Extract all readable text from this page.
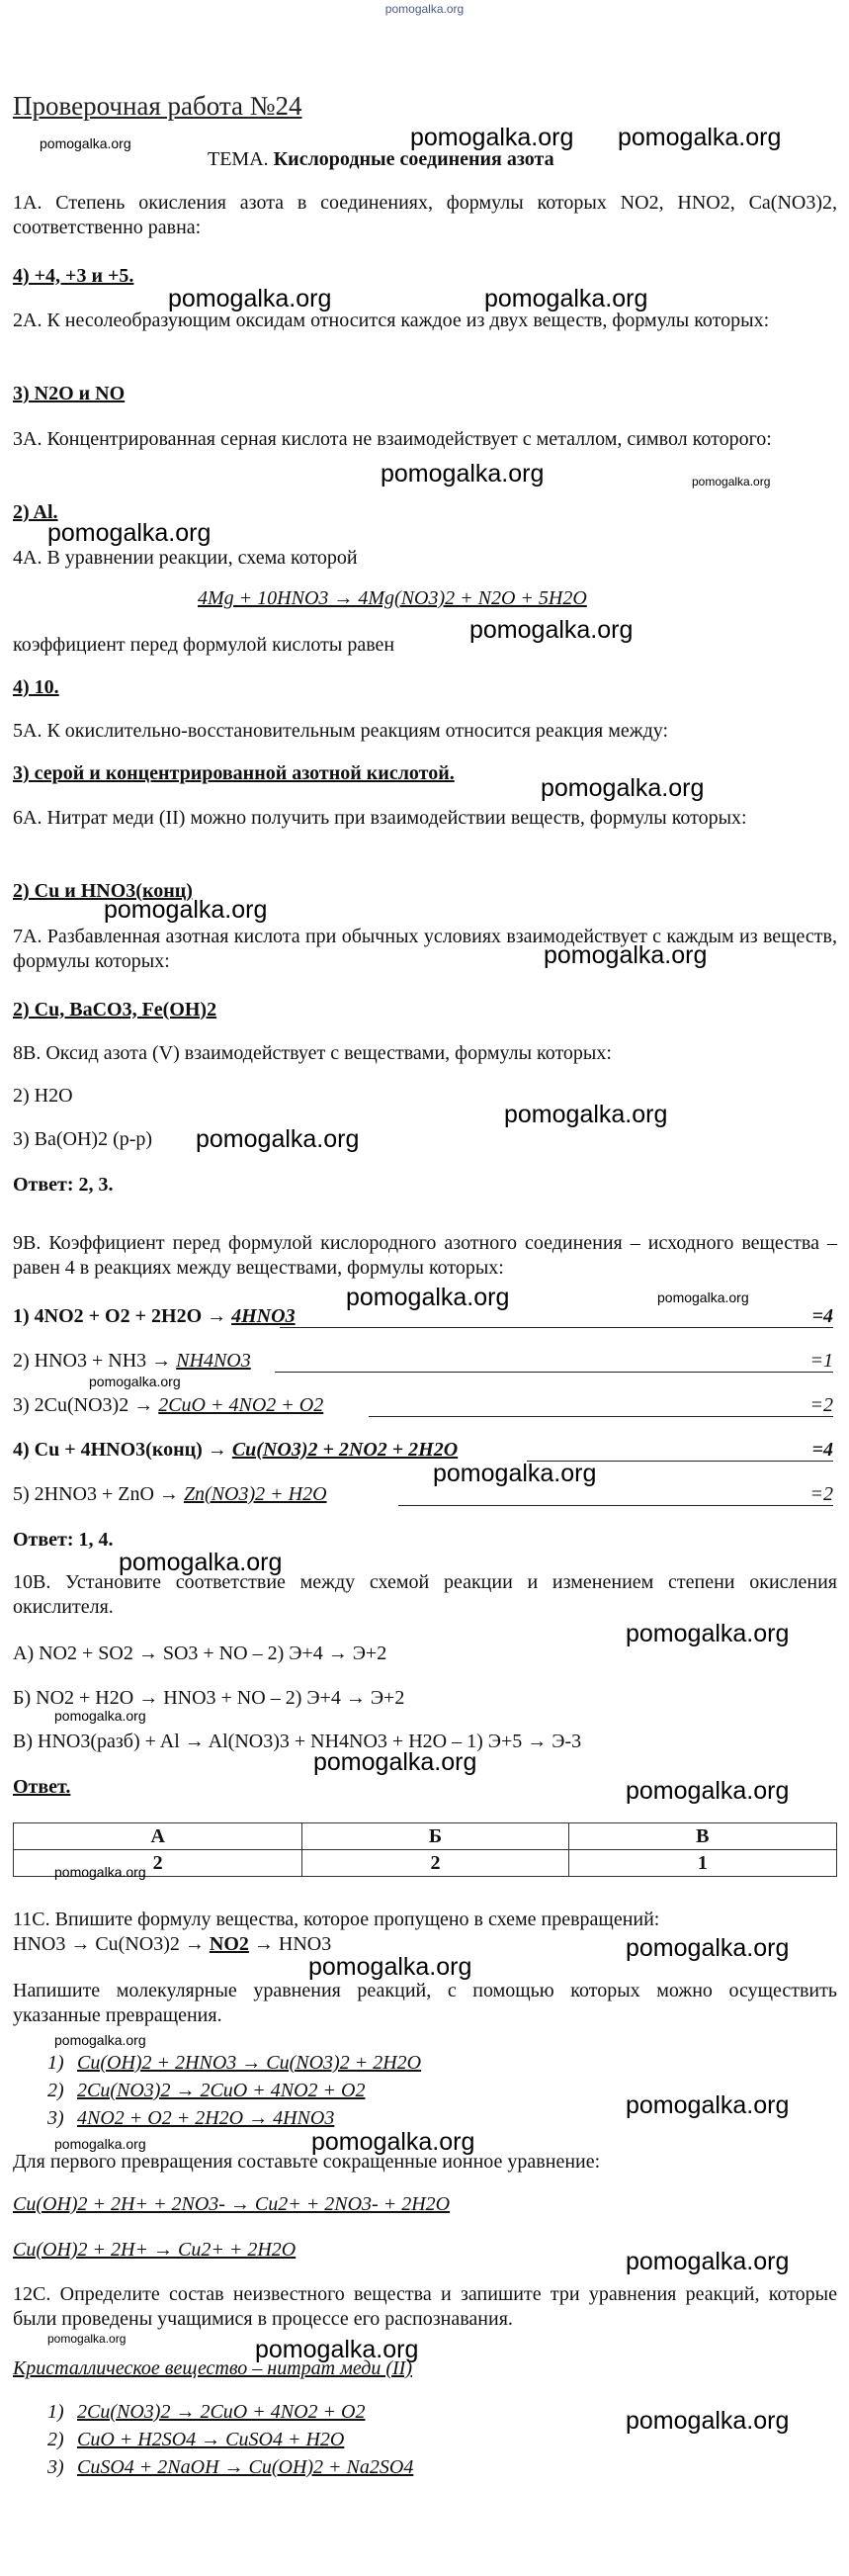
pomogalka.org
Проверочная работа №24
ТЕМА. Кислородные соединения азота
1А. Степень окисления азота в соединениях, формулы которых NO2, HNO2, Ca(NO3)2, соответственно равна:
4) +4, +3 и +5.
2А. К несолеобразующим оксидам относится каждое из двух веществ, формулы которых:
3) N2O и NO
3А. Концентрированная серная кислота не взаимодействует с металлом, символ которого:
2) Al.
4А. В уравнении реакции, схема которой
4Mg + 10HNO3 → 4Mg(NO3)2 + N2O + 5H2O
коэффициент перед формулой кислоты равен
4) 10.
5А. К окислительно-восстановительным реакциям относится реакция между:
3) серой и концентрированной азотной кислотой.
6А. Нитрат меди (II) можно получить при взаимодействии веществ, формулы которых:
2) Cu и HNO3(конц)
7А. Разбавленная азотная кислота при обычных условиях взаимодействует с каждым из веществ, формулы которых:
2) Cu, BaCO3, Fe(OH)2
8В. Оксид азота (V) взаимодействует с веществами, формулы которых:
2) H2O
3) Ba(OH)2 (р-р)
Ответ: 2, 3.
9В. Коэффициент перед формулой кислородного азотного соединения – исходного вещества – равен 4 в реакциях между веществами, формулы которых:
1) 4NO2 + O2 + 2H2O → 4HNO3	=4
2) HNO3 + NH3 → NH4NO3	=1
3) 2Cu(NO3)2 → 2CuO + 4NO2 + O2	=2
4) Cu + 4HNO3(конц) → Cu(NO3)2 + 2NO2 + 2H2O	=4
5) 2HNO3 + ZnO → Zn(NO3)2 + H2O	=2
Ответ: 1, 4.
10В. Установите соответствие между схемой реакции и изменением степени окисления окислителя.
А) NO2 + SO2 → SO3 + NO – 2) Э+4 → Э+2
Б) NO2 + H2O → HNO3 + NO – 2) Э+4 → Э+2
В) HNO3(разб) + Al → Al(NO3)3 + NH4NO3 + H2O – 1) Э+5 → Э-3
Ответ.
А	Б	В
2	2	1
11С. Впишите формулу вещества, которое пропущено в схеме превращений:
HNO3 → Cu(NO3)2 → NO2 → HNO3
Напишите молекулярные уравнения реакций, с помощью которых можно осуществить указанные превращения.
1) Cu(OH)2 + 2HNO3 → Cu(NO3)2 + 2H2O
2) 2Cu(NO3)2 → 2CuO + 4NO2 + O2
3) 4NO2 + O2 + 2H2O → 4HNO3
Для первого превращения составьте сокращенные ионное уравнение:
Cu(OH)2 + 2H+ + 2NO3- → Cu2+ + 2NO3- + 2H2O
Cu(OH)2 + 2H+ → Cu2+ + 2H2O
12С. Определите состав неизвестного вещества и запишите три уравнения реакций, которые были проведены учащимися в процессе его распознавания.
Кристаллическое вещество – нитрат меди (II)
1) 2Cu(NO3)2 → 2CuO + 4NO2 + O2
2) CuO + H2SO4 → CuSO4 + H2O
3) CuSO4 + 2NaOH → Cu(OH)2 + Na2SO4
pomogalka.org	pomogalka.org pomogalka.org
pomogalka.org	pomogalka.org
pomogalka.org	pomogalka.org
pomogalka.org
pomogalka.org
pomogalka.org
pomogalka.org
pomogalka.org
pomogalka.org
pomogalka.org
pomogalka.org	pomogalka.org
pomogalka.org
pomogalka.org
pomogalka.org
pomogalka.org
pomogalka.org
pomogalka.org
pomogalka.org
pomogalka.org
pomogalka.org
pomogalka.org
pomogalka.org
pomogalka.org
pomogalka.org	pomogalka.org
pomogalka.org
pomogalka.org	pomogalka.org
pomogalka.org
